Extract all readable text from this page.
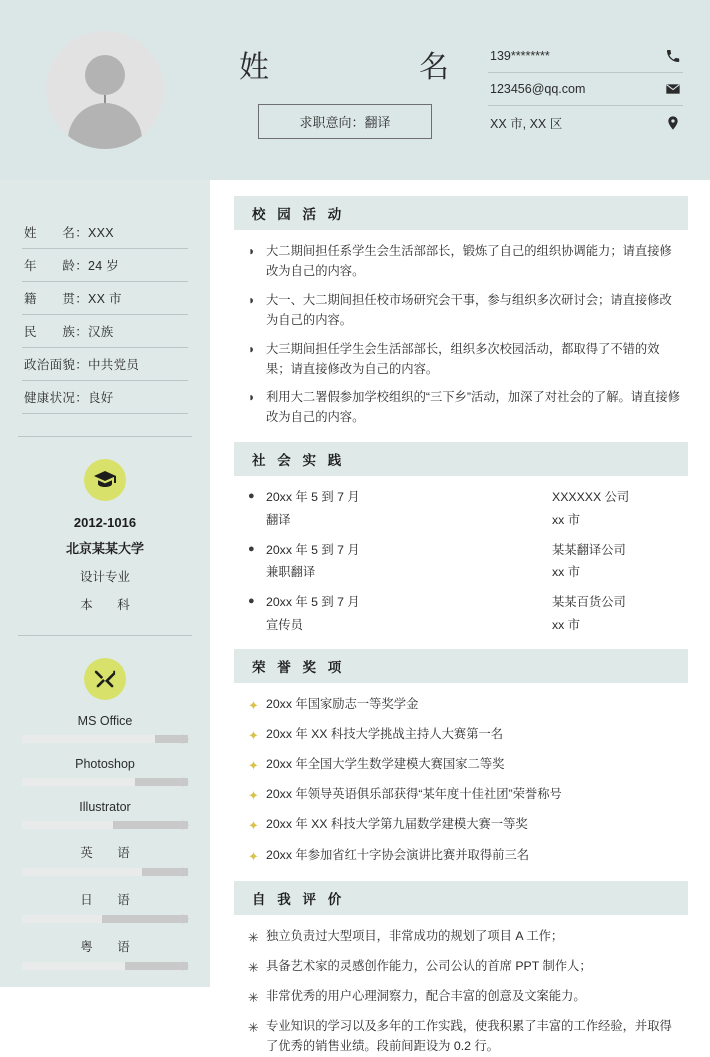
姓　　名
求职意向：翻译
139********
123456@qq.com
XX 市, XX 区
姓　　名：XXX
年　　龄：24 岁
籍　　贯：XX 市
民　　族：汉族
政治面貌：中共党员
健康状况：良好
2012-1016
北京某某大学
设计专业
本　科
MS Office
Photoshop
Illustrator
英　语
日　语
粤　语
校 园 活 动
◗ 大二期间担任系学生会生活部部长，锻炼了自己的组织协调能力；请直接修改为自己的内容。
◗ 大一、大二期间担任校市场研究会干事，参与组织多次研讨会；请直接修改为自己的内容。
◗ 大三期间担任学生会生活部部长，组织多次校园活动，都取得了不错的效果；请直接修改为自己的内容。
◗ 利用大二署假参加学校组织的“三下乡”活动，加深了对社会的了解。请直接修改为自己的内容。
社 会 实 践
● 20xx 年 5 到 7 月
翻译
XXXXXX 公司
xx 市
● 20xx 年 5 到 7 月
兼职翻译
某某翻译公司
xx 市
● 20xx 年 5 到 7 月
宣传员
某某百货公司
xx 市
荣 誉 奖 项
✦ 20xx 年国家励志一等奖学金
✦ 20xx 年 XX 科技大学挑战主持人大赛第一名
✦ 20xx 年全国大学生数学建模大赛国家二等奖
✦ 20xx 年领导英语俱乐部获得“某年度十佳社团”荣誉称号
✦ 20xx 年 XX 科技大学第九届数学建模大赛一等奖
✦ 20xx 年参加省红十字协会演讲比赛并取得前三名
自 我 评 价
✳ 独立负责过大型项目，非常成功的规划了项目 A 工作；
✳ 具备艺术家的灵感创作能力，公司公认的首席 PPT 制作人；
✳ 非常优秀的用户心理洞察力，配合丰富的创意及文案能力。
✳ 专业知识的学习以及多年的工作实践，使我积累了丰富的工作经验，并取得了优秀的销售业绩。段前间距设为 0.2 行。
